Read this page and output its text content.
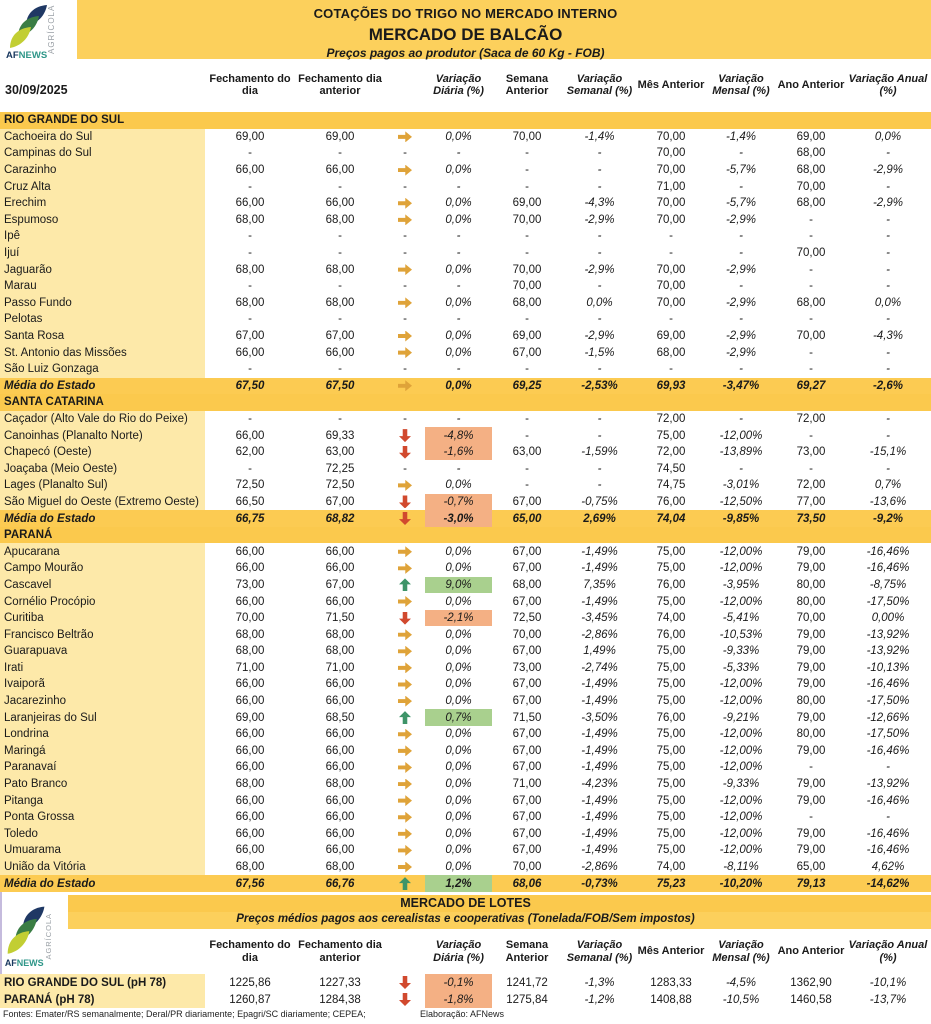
AGRÍCOLA
AFNEWS
COTAÇÕES DO TRIGO NO MERCADO INTERNO
MERCADO DE BALCÃO
Preços pagos ao produtor (Saca de 60 Kg - FOB)
30/09/2025
Fechamento do dia
Fechamento dia anterior
Variação Diária (%)
Semana Anterior
Variação Semanal (%)
Mês Anterior
Variação Mensal (%)
Ano Anterior
Variação Anual (%)
RIO GRANDE DO SUL
Cachoeira do Sul	69,00	69,00	0,0%	70,00	-1,4%	70,00	-1,4%	69,00	0,0%
Campinas do Sul	-	-	-	-	-	-	70,00	-	68,00	-
Carazinho	66,00	66,00	0,0%	-	-	70,00	-5,7%	68,00	-2,9%
Cruz Alta	-	-	-	-	-	-	71,00	-	70,00	-
Erechim	66,00	66,00	0,0%	69,00	-4,3%	70,00	-5,7%	68,00	-2,9%
Espumoso	68,00	68,00	0,0%	70,00	-2,9%	70,00	-2,9%	-	-
Ipê	-	-	-	-	-	-	-	-	-	-
Ijuí	-	-	-	-	-	-	-	-	70,00	-
Jaguarão	68,00	68,00	0,0%	70,00	-2,9%	70,00	-2,9%	-	-
Marau	-	-	-	-	70,00	-	70,00	-	-	-
Passo Fundo	68,00	68,00	0,0%	68,00	0,0%	70,00	-2,9%	68,00	0,0%
Pelotas	-	-	-	-	-	-	-	-	-	-
Santa Rosa	67,00	67,00	0,0%	69,00	-2,9%	69,00	-2,9%	70,00	-4,3%
St. Antonio das Missões	66,00	66,00	0,0%	67,00	-1,5%	68,00	-2,9%	-	-
São Luiz Gonzaga	-	-	-	-	-	-	-	-	-	-
Média do Estado	67,50	67,50	0,0%	69,25	-2,53%	69,93	-3,47%	69,27	-2,6%
SANTA CATARINA
Caçador (Alto Vale do Rio do Peixe)	-	-	-	-	-	-	72,00	-	72,00	-
Canoinhas (Planalto Norte)	66,00	69,33	-4,8%	-	-	75,00	-12,00%	-	-
Chapecó (Oeste)	62,00	63,00	-1,6%	63,00	-1,59%	72,00	-13,89%	73,00	-15,1%
Joaçaba (Meio Oeste)	-	72,25	-	-	-	-	74,50	-	-	-
Lages (Planalto Sul)	72,50	72,50	0,0%	-	-	74,75	-3,01%	72,00	0,7%
São Miguel do Oeste (Extremo Oeste)	66,50	67,00	-0,7%	67,00	-0,75%	76,00	-12,50%	77,00	-13,6%
Média do Estado	66,75	68,82	-3,0%	65,00	2,69%	74,04	-9,85%	73,50	-9,2%
PARANÁ
Apucarana	66,00	66,00	0,0%	67,00	-1,49%	75,00	-12,00%	79,00	-16,46%
Campo Mourão	66,00	66,00	0,0%	67,00	-1,49%	75,00	-12,00%	79,00	-16,46%
Cascavel	73,00	67,00	9,0%	68,00	7,35%	76,00	-3,95%	80,00	-8,75%
Cornélio Procópio	66,00	66,00	0,0%	67,00	-1,49%	75,00	-12,00%	80,00	-17,50%
Curitiba	70,00	71,50	-2,1%	72,50	-3,45%	74,00	-5,41%	70,00	0,00%
Francisco Beltrão	68,00	68,00	0,0%	70,00	-2,86%	76,00	-10,53%	79,00	-13,92%
Guarapuava	68,00	68,00	0,0%	67,00	1,49%	75,00	-9,33%	79,00	-13,92%
Irati	71,00	71,00	0,0%	73,00	-2,74%	75,00	-5,33%	79,00	-10,13%
Ivaiporã	66,00	66,00	0,0%	67,00	-1,49%	75,00	-12,00%	79,00	-16,46%
Jacarezinho	66,00	66,00	0,0%	67,00	-1,49%	75,00	-12,00%	80,00	-17,50%
Laranjeiras do Sul	69,00	68,50	0,7%	71,50	-3,50%	76,00	-9,21%	79,00	-12,66%
Londrina	66,00	66,00	0,0%	67,00	-1,49%	75,00	-12,00%	80,00	-17,50%
Maringá	66,00	66,00	0,0%	67,00	-1,49%	75,00	-12,00%	79,00	-16,46%
Paranavaí	66,00	66,00	0,0%	67,00	-1,49%	75,00	-12,00%	-	-
Pato Branco	68,00	68,00	0,0%	71,00	-4,23%	75,00	-9,33%	79,00	-13,92%
Pitanga	66,00	66,00	0,0%	67,00	-1,49%	75,00	-12,00%	79,00	-16,46%
Ponta Grossa	66,00	66,00	0,0%	67,00	-1,49%	75,00	-12,00%	-	-
Toledo	66,00	66,00	0,0%	67,00	-1,49%	75,00	-12,00%	79,00	-16,46%
Umuarama	66,00	66,00	0,0%	67,00	-1,49%	75,00	-12,00%	79,00	-16,46%
União da Vitória	68,00	68,00	0,0%	70,00	-2,86%	74,00	-8,11%	65,00	4,62%
Média do Estado	67,56	66,76	1,2%	68,06	-0,73%	75,23	-10,20%	79,13	-14,62%
MERCADO DE LOTES
Preços médios pagos aos cerealistas e cooperativas (Tonelada/FOB/Sem impostos)
AGRÍCOLA
AFNEWS
Fechamento do dia
Fechamento dia anterior
Variação Diária (%)
Semana Anterior
Variação Semanal (%)
Mês Anterior
Variação Mensal (%)
Ano Anterior
Variação Anual (%)
RIO GRANDE DO SUL (pH 78)	1225,86	1227,33	-0,1%	1241,72	-1,3%	1283,33	-4,5%	1362,90	-10,1%
PARANÁ (pH 78)	1260,87	1284,38	-1,8%	1275,84	-1,2%	1408,88	-10,5%	1460,58	-13,7%
Fontes: Emater/RS semanalmente; Deral/PR diariamente; Epagri/SC diariamente; CEPEA;	Elaboração: AFNews
